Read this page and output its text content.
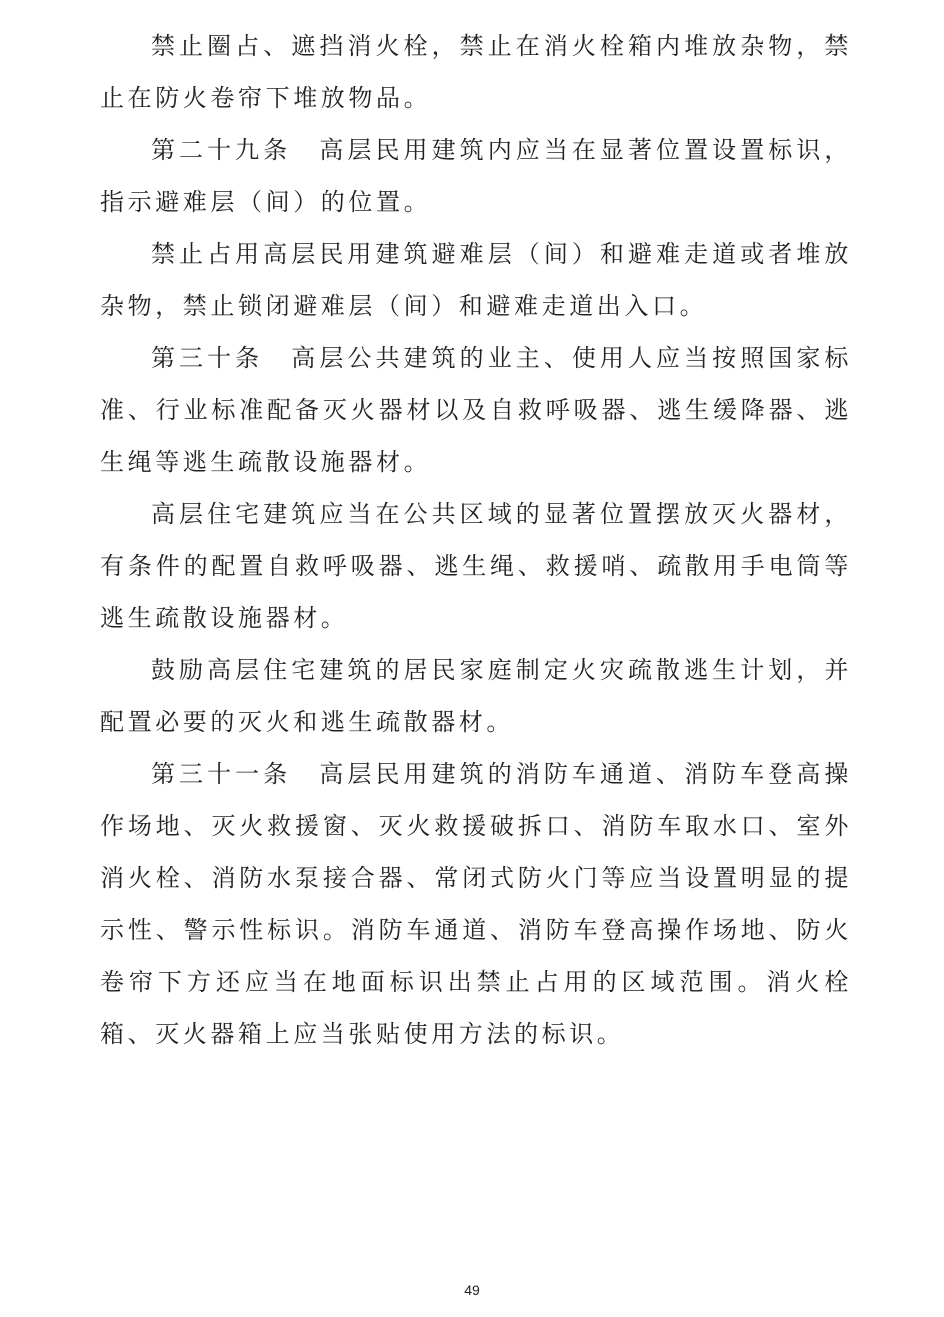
禁止圈占、遮挡消火栓，禁止在消火栓箱内堆放杂物，禁止在防火卷帘下堆放物品。

第二十九条　高层民用建筑内应当在显著位置设置标识，指示避难层（间）的位置。

禁止占用高层民用建筑避难层（间）和避难走道或者堆放杂物，禁止锁闭避难层（间）和避难走道出入口。

第三十条　高层公共建筑的业主、使用人应当按照国家标准、行业标准配备灭火器材以及自救呼吸器、逃生缓降器、逃生绳等逃生疏散设施器材。

高层住宅建筑应当在公共区域的显著位置摆放灭火器材，有条件的配置自救呼吸器、逃生绳、救援哨、疏散用手电筒等逃生疏散设施器材。

鼓励高层住宅建筑的居民家庭制定火灾疏散逃生计划，并配置必要的灭火和逃生疏散器材。

第三十一条　高层民用建筑的消防车通道、消防车登高操作场地、灭火救援窗、灭火救援破拆口、消防车取水口、室外消火栓、消防水泵接合器、常闭式防火门等应当设置明显的提示性、警示性标识。消防车通道、消防车登高操作场地、防火卷帘下方还应当在地面标识出禁止占用的区域范围。消火栓箱、灭火器箱上应当张贴使用方法的标识。

49
